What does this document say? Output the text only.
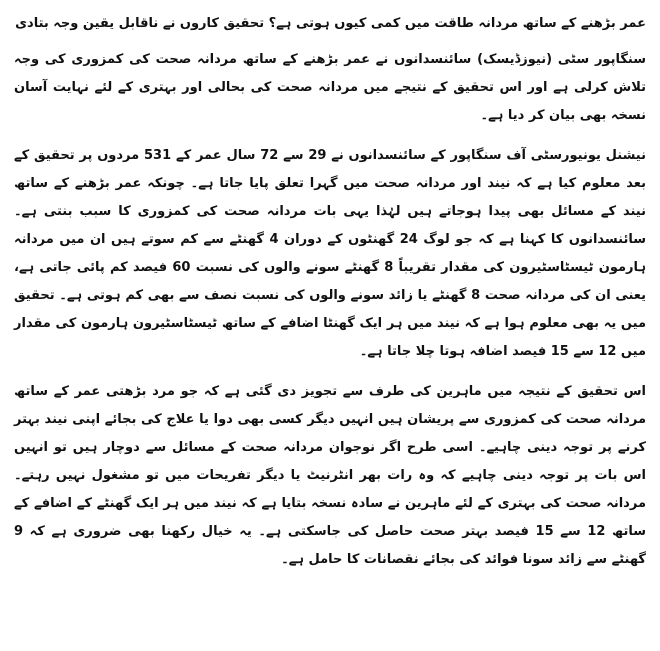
عمر بڑھنے کے ساتھ مردانہ طاقت میں کمی کیوں ہوتی ہے؟ تحقیق کاروں نے ناقابل یقین وجہ بتادی

سنگاپور سٹی (نیوزڈیسک) سائنسدانوں نے عمر بڑھنے کے ساتھ مردانہ صحت کی کمزوری کی وجہ تلاش کرلی ہے اور اس تحقیق کے نتیجے میں مردانہ صحت کی بحالی اور بہتری کے لئے نہایت آسان نسخہ بھی بیان کر دیا ہے۔

نیشنل یونیورسٹی آف سنگاپور کے سائنسدانوں نے 29 سے 72 سال عمر کے 531 مردوں پر تحقیق کے بعد معلوم کیا ہے کہ نیند اور مردانہ صحت میں گہرا تعلق پایا جاتا ہے۔ چونکہ عمر بڑھنے کے ساتھ نیند کے مسائل بھی پیدا ہوجاتے ہیں لہٰذا یہی بات مردانہ صحت کی کمزوری کا سبب بنتی ہے۔ سائنسدانوں کا کہنا ہے کہ جو لوگ 24 گھنٹوں کے دوران 4 گھنٹے سے کم سوتے ہیں ان میں مردانہ ہارمون ٹیسٹاسٹیرون کی مقدار تقریباً 8 گھنٹے سونے والوں کی نسبت 60 فیصد کم پائی جاتی ہے، یعنی ان کی مردانہ صحت 8 گھنٹے یا زائد سونے والوں کی نسبت نصف سے بھی کم ہوتی ہے۔ تحقیق میں یہ بھی معلوم ہوا ہے کہ نیند میں ہر ایک گھنٹا اضافے کے ساتھ ٹیسٹاسٹیرون ہارمون کی مقدار میں 12 سے 15 فیصد اضافہ ہوتا چلا جاتا ہے۔

اس تحقیق کے نتیجہ میں ماہرین کی طرف سے تجویز دی گئی ہے کہ جو مرد بڑھتی عمر کے ساتھ مردانہ صحت کی کمزوری سے پریشان ہیں انہیں دیگر کسی بھی دوا یا علاج کی بجائے اپنی نیند بہتر کرنے پر توجہ دینی چاہیے۔ اسی طرح اگر نوجوان مردانہ صحت کے مسائل سے دوچار ہیں تو انہیں اس بات پر توجہ دینی چاہیے کہ وہ رات بھر انٹرنیٹ یا دیگر تفریحات میں تو مشغول نہیں رہتے۔ مردانہ صحت کی بہتری کے لئے ماہرین نے سادہ نسخہ بتایا ہے کہ نیند میں ہر ایک گھنٹے کے اضافے کے ساتھ 12 سے 15 فیصد بہتر صحت حاصل کی جاسکتی ہے۔ یہ خیال رکھنا بھی ضروری ہے کہ 9 گھنٹے سے زائد سونا فوائد کی بجائے نقصانات کا حامل ہے۔
